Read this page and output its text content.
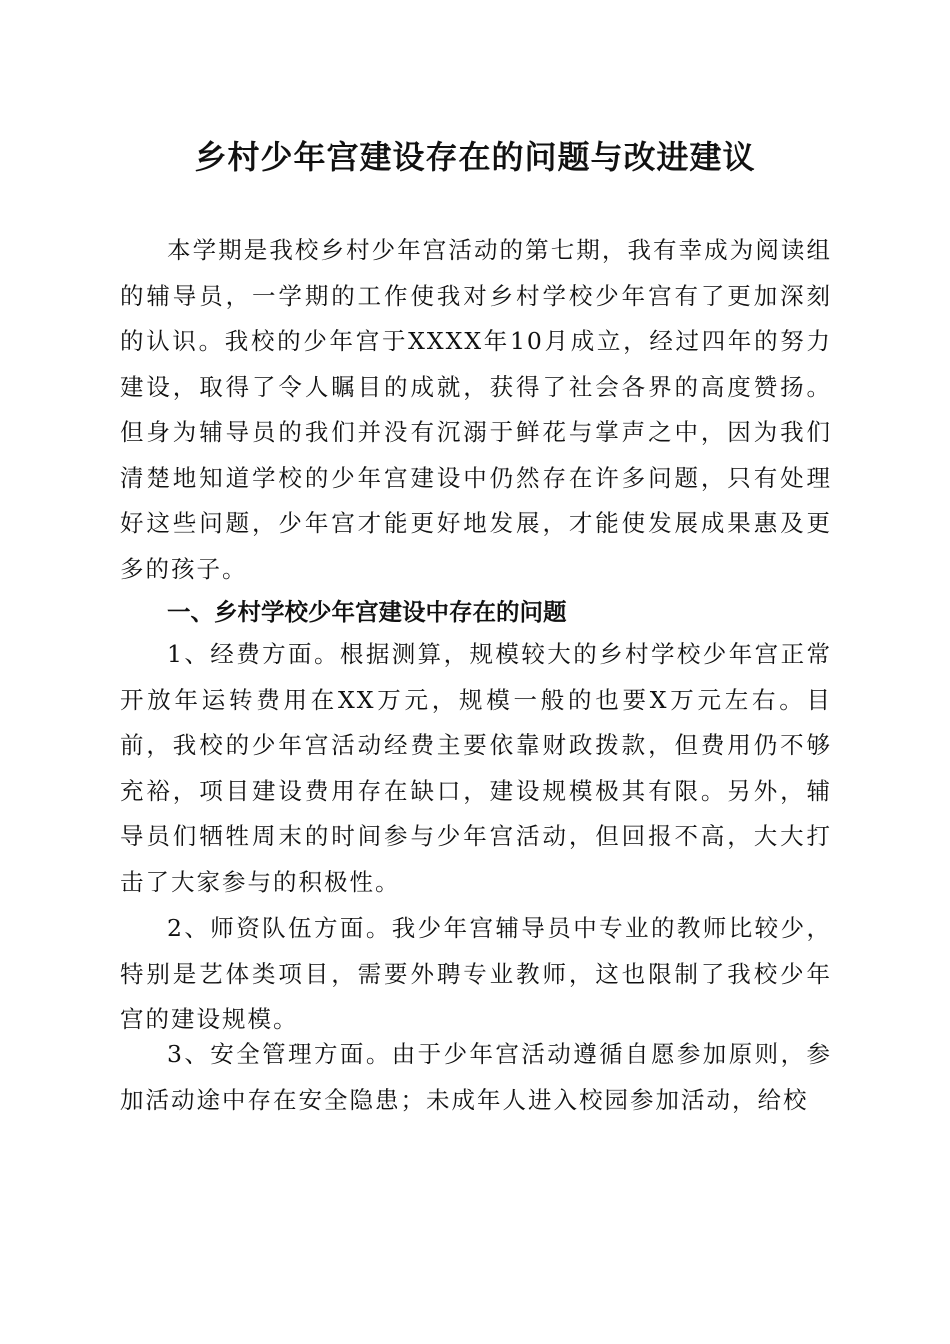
乡村少年宫建设存在的问题与改进建议

本学期是我校乡村少年宫活动的第七期，我有幸成为阅读组的辅导员，一学期的工作使我对乡村学校少年宫有了更加深刻的认识。我校的少年宫于XXXX年10月成立，经过四年的努力建设，取得了令人瞩目的成就，获得了社会各界的高度赞扬。但身为辅导员的我们并没有沉溺于鲜花与掌声之中，因为我们清楚地知道学校的少年宫建设中仍然存在许多问题，只有处理好这些问题，少年宫才能更好地发展，才能使发展成果惠及更多的孩子。

一、乡村学校少年宫建设中存在的问题

1、经费方面。根据测算，规模较大的乡村学校少年宫正常开放年运转费用在XX万元，规模一般的也要X万元左右。目前，我校的少年宫活动经费主要依靠财政拨款，但费用仍不够充裕，项目建设费用存在缺口，建设规模极其有限。另外，辅导员们牺牲周末的时间参与少年宫活动，但回报不高，大大打击了大家参与的积极性。

2、师资队伍方面。我少年宫辅导员中专业的教师比较少，特别是艺体类项目，需要外聘专业教师，这也限制了我校少年宫的建设规模。

3、安全管理方面。由于少年宫活动遵循自愿参加原则，参加活动途中存在安全隐患；未成年人进入校园参加活动，给校
